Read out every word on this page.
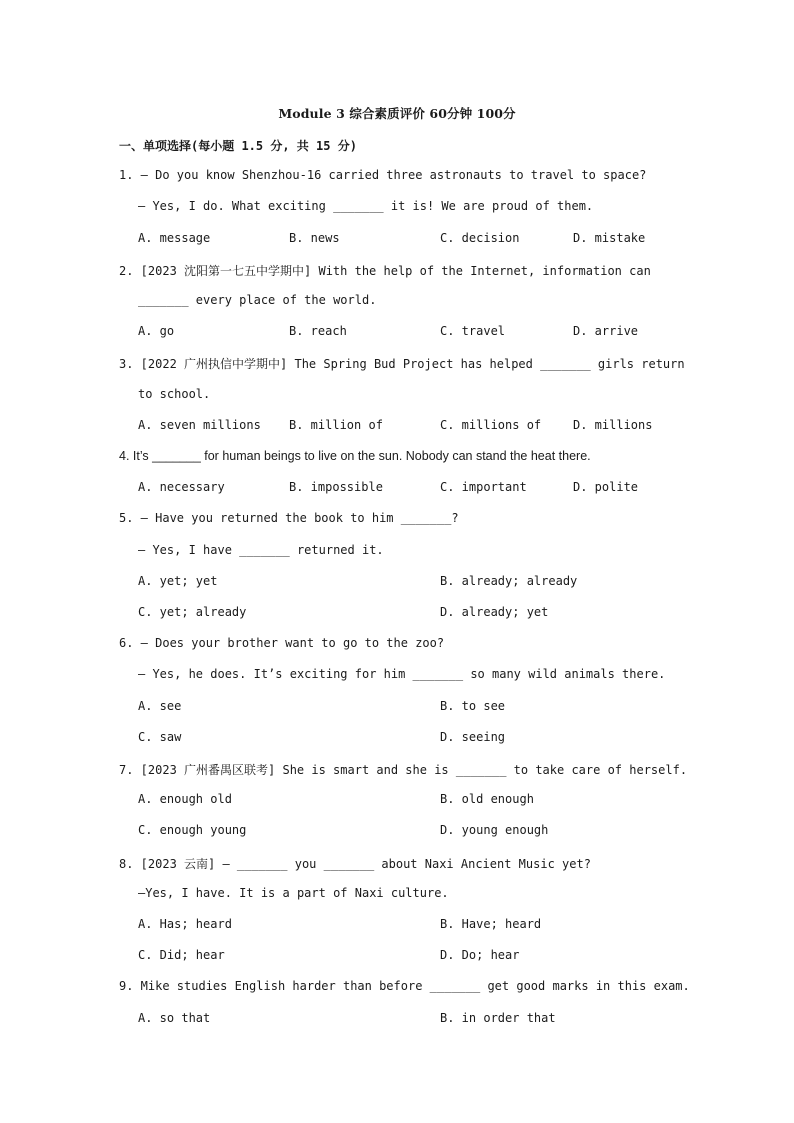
Module 3 综合素质评价 60分钟 100分
一、单项选择(每小题 1.5 分, 共 15 分)
1. — Do you know Shenzhou-16 carried three astronauts to travel to space?
— Yes, I do. What exciting _______ it is! We are proud of them.
A. message	B. news	C. decision	D. mistake
2. [2023 沈阳第一七五中学期中] With the help of the Internet, information can
_______ every place of the world.
A. go	B. reach	C. travel	D. arrive
3. [2022 广州执信中学期中] The Spring Bud Project has helped _______ girls return
to school.
A. seven millions B. million of	C. millions of	D. millions
4. It’s _______ for human beings to live on the sun. Nobody can stand the heat there.
A. necessary	B. impossible	C. important	D. polite
5. — Have you returned the book to him _______?
— Yes, I have _______ returned it.
A. yet; yet	B. already; already
C. yet; already	D. already; yet
6. — Does your brother want to go to the zoo?
— Yes, he does. It’s exciting for him _______ so many wild animals there.
A. see	B. to see
C. saw	D. seeing
7. [2023 广州番禺区联考] She is smart and she is _______ to take care of herself.
A. enough old	B. old enough
C. enough young	D. young enough
8. [2023 云南] — _______ you _______ about Naxi Ancient Music yet?
—Yes, I have. It is a part of Naxi culture.
A. Has; heard	B. Have; heard
C. Did; hear	D. Do; hear
9. Mike studies English harder than before _______ get good marks in this exam.
A. so that	B. in order that
